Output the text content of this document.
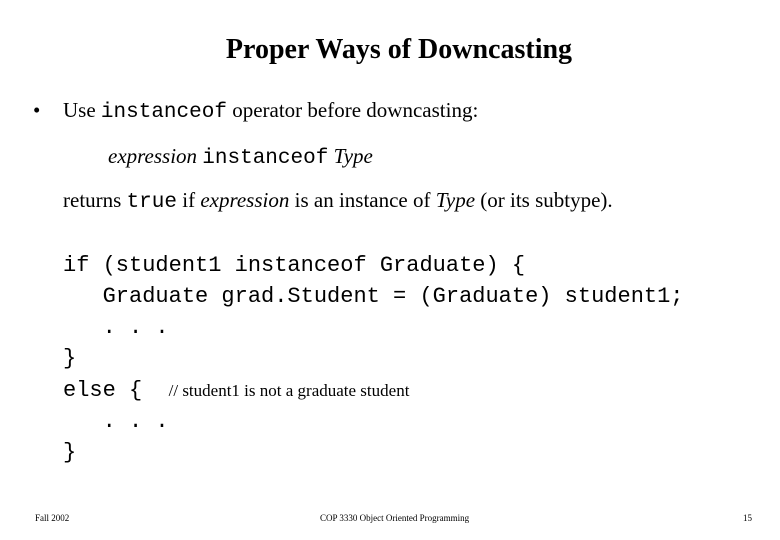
Proper Ways of Downcasting
• Use instanceof operator before downcasting:
expression instanceof Type
returns true if expression is an instance of Type (or its subtype).
if (student1 instanceof Graduate) {
Graduate grad.Student = (Graduate) student1;
. . .
}
else {  // student1 is not a graduate student
. . .
}
Fall 2002	COP 3330 Object Oriented Programming	15
